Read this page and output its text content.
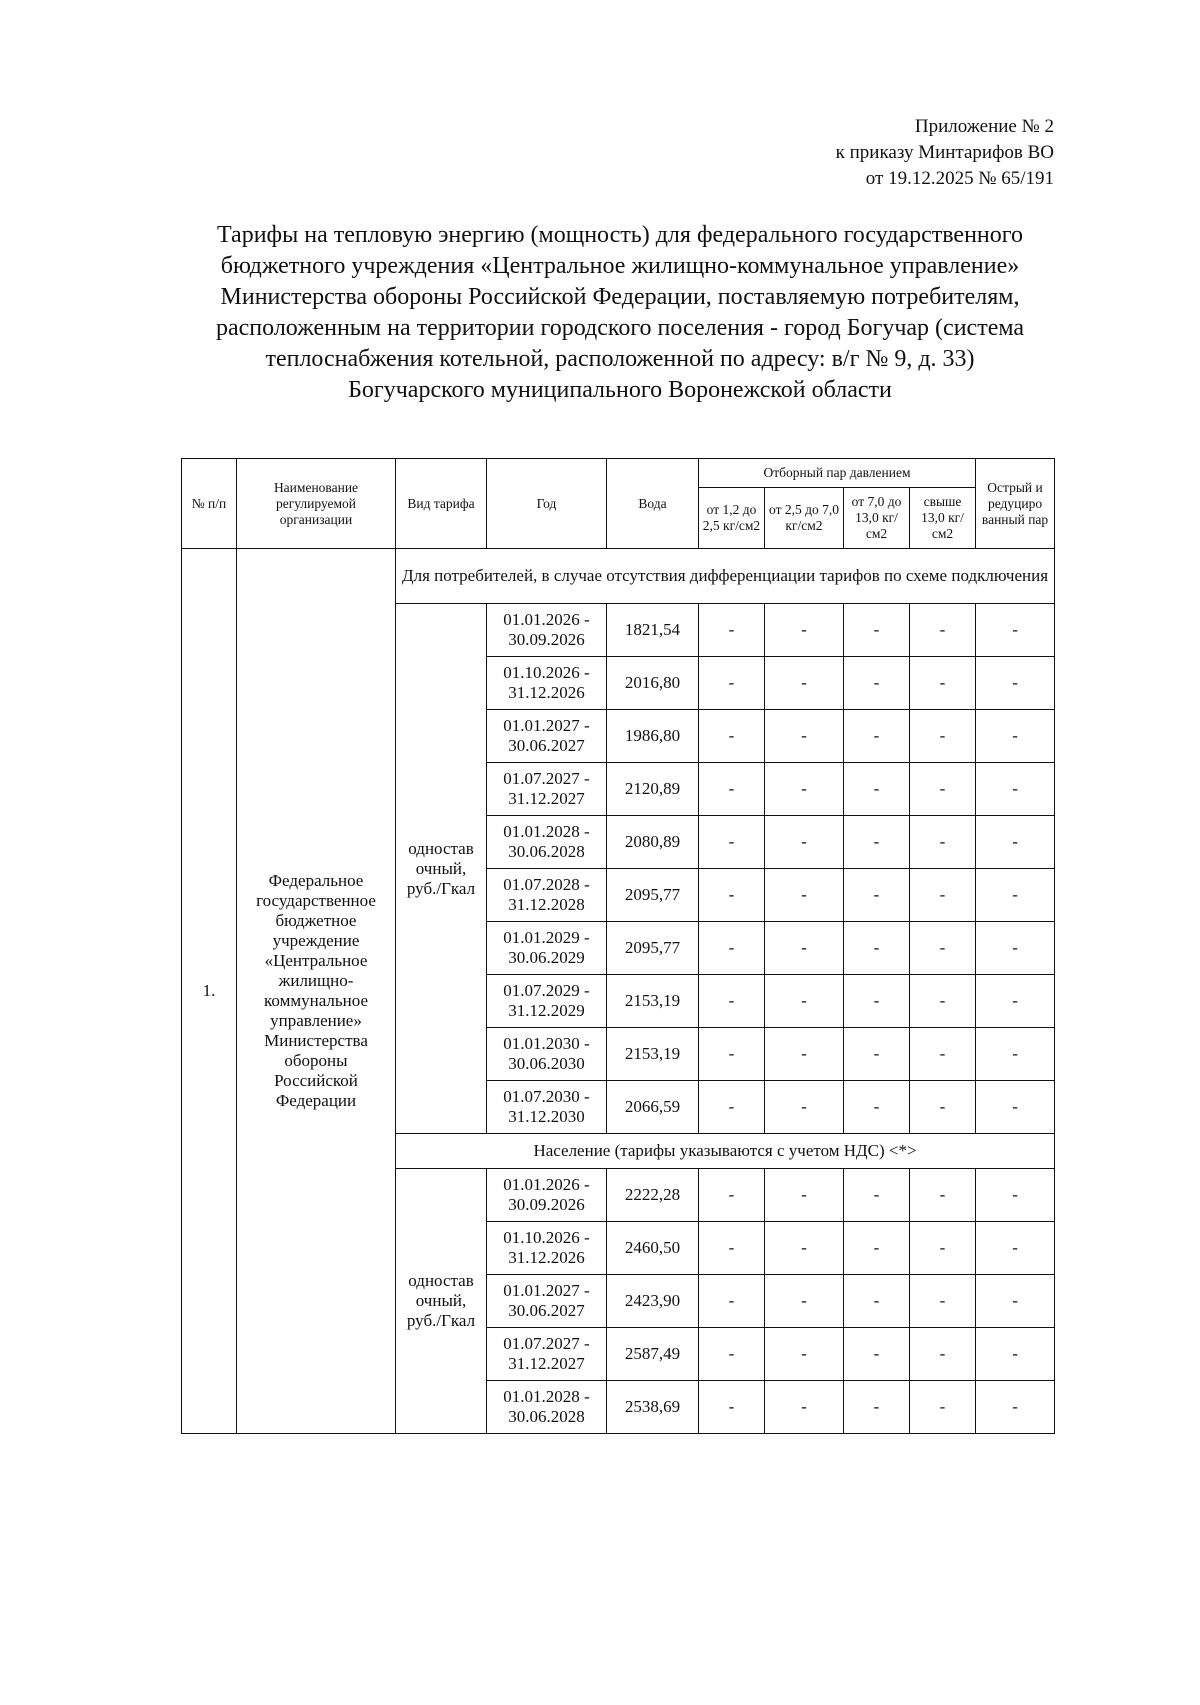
Приложение № 2
к приказу Минтарифов ВО
от 19.12.2025 № 65/191
Тарифы на тепловую энергию (мощность) для федерального государственного бюджетного учреждения «Центральное жилищно-коммунальное управление» Министерства обороны Российской Федерации, поставляемую потребителям, расположенным на территории городского поселения - город Богучар (система теплоснабжения котельной, расположенной по адресу: в/г № 9, д. 33) Богучарского муниципального Воронежской области
№ п/п	Наименование регулируемой организации	Вид тарифа	Год	Вода	Отборный пар давлением				Острый и редуциро ванный пар
					от 1,2 до 2,5 кг/см2	от 2,5 до 7,0 кг/см2	от 7,0 до 13,0 кг/см2	свыше 13,0 кг/см2	
1.	Федеральное государственное бюджетное учреждение «Центральное жилищно-коммунальное управление» Министерства обороны Российской Федерации	Для потребителей, в случае отсутствия дифференциации тарифов по схеме подключения							
		одностав очный, руб./Гкал	01.01.2026 - 30.09.2026	1821,54	-	-	-	-	-
			01.10.2026 - 31.12.2026	2016,80	-	-	-	-	-
			01.01.2027 - 30.06.2027	1986,80	-	-	-	-	-
			01.07.2027 - 31.12.2027	2120,89	-	-	-	-	-
			01.01.2028 - 30.06.2028	2080,89	-	-	-	-	-
			01.07.2028 - 31.12.2028	2095,77	-	-	-	-	-
			01.01.2029 - 30.06.2029	2095,77	-	-	-	-	-
			01.07.2029 - 31.12.2029	2153,19	-	-	-	-	-
			01.01.2030 - 30.06.2030	2153,19	-	-	-	-	-
			01.07.2030 - 31.12.2030	2066,59	-	-	-	-	-
		Население (тарифы указываются с учетом НДС) <*>							
		одностав очный, руб./Гкал	01.01.2026 - 30.09.2026	2222,28	-	-	-	-	-
			01.10.2026 - 31.12.2026	2460,50	-	-	-	-	-
			01.01.2027 - 30.06.2027	2423,90	-	-	-	-	-
			01.07.2027 - 31.12.2027	2587,49	-	-	-	-	-
			01.01.2028 - 30.06.2028	2538,69	-	-	-	-	-
